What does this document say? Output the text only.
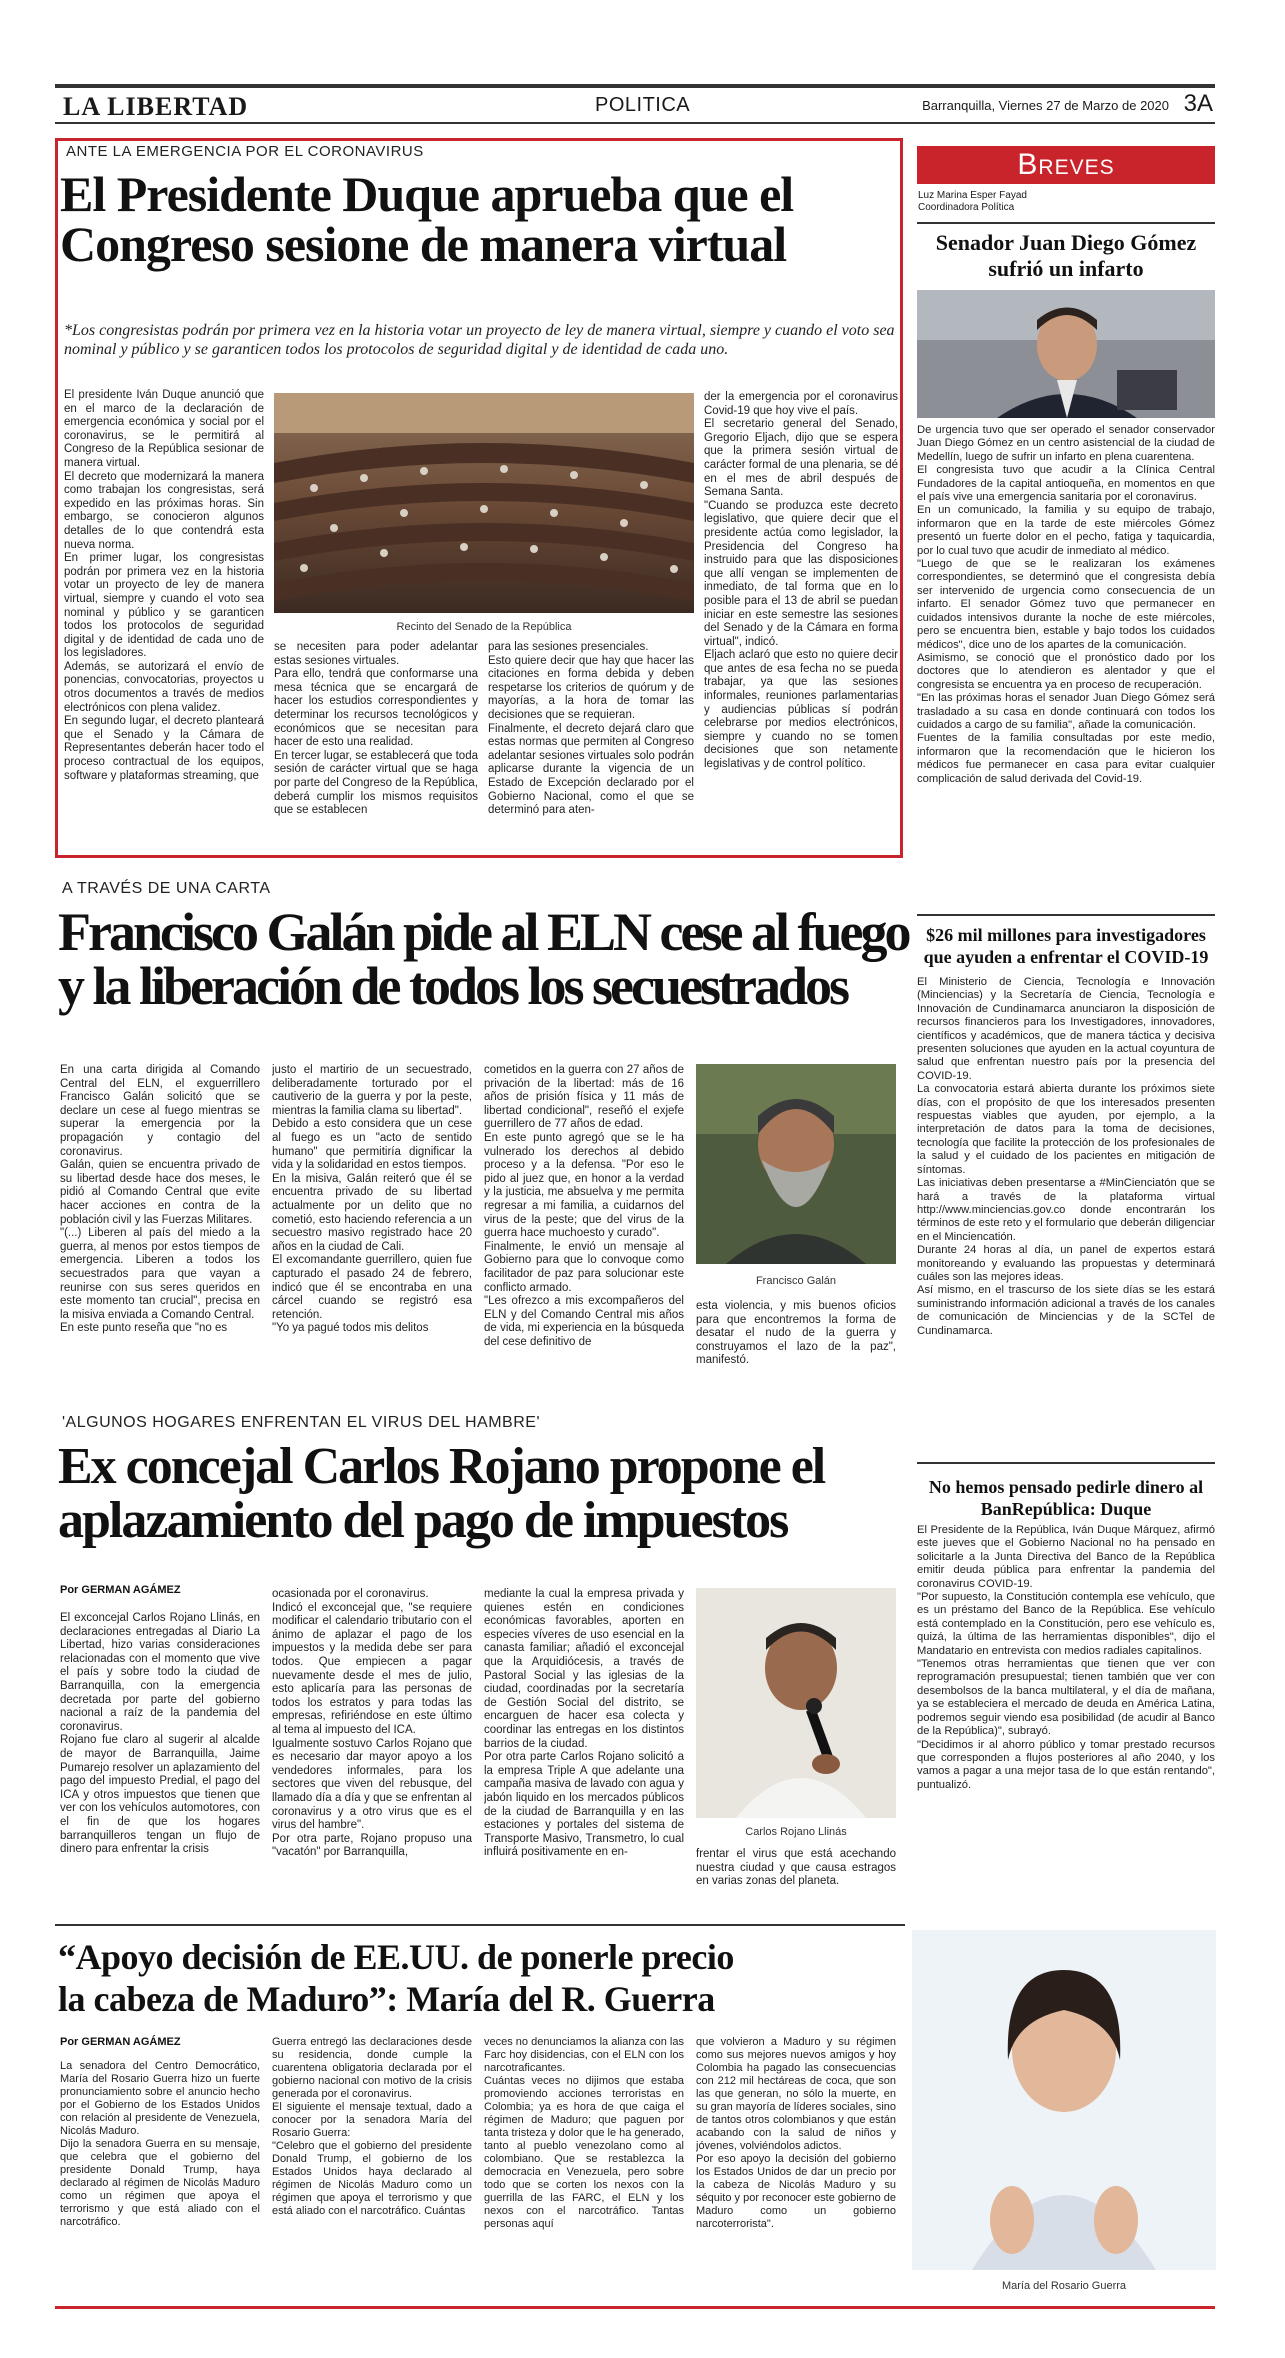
LA LIBERTAD	POLITICA	Barranquilla, Viernes 27 de Marzo de 2020 3A
ANTE LA EMERGENCIA POR EL CORONAVIRUS
El Presidente Duque aprueba que el
Congreso sesione de manera virtual
*Los congresistas podrán por primera vez en la historia votar un proyecto de ley de manera virtual, siempre y cuando el voto sea nominal y público y se garanticen todos los protocolos de seguridad digital y de identidad de cada uno.
El presidente Iván Duque anunció que en el marco de la declaración de emergencia económica y social por el coronavirus, se le permitirá al Congreso de la República sesionar de manera virtual.
El decreto que modernizará la manera como trabajan los congresistas, será expedido en las próximas horas. Sin embargo, se conocieron algunos detalles de lo que contendrá esta nueva norma.
En primer lugar, los congresistas podrán por primera vez en la historia votar un proyecto de ley de manera virtual, siempre y cuando el voto sea nominal y público y se garanticen todos los protocolos de seguridad digital y de identidad de cada uno de los legisladores.
Además, se autorizará el envío de ponencias, convocatorias, proyectos u otros documentos a través de medios electrónicos con plena validez.
En segundo lugar, el decreto planteará que el Senado y la Cámara de Representantes deberán hacer todo el proceso contractual de los equipos, software y plataformas streaming, que
Recinto del Senado de la República
se necesiten para poder adelantar estas sesiones virtuales.
Para ello, tendrá que conformarse una mesa técnica que se encargará de hacer los estudios correspondientes y determinar los recursos tecnológicos y económicos que se necesitan para hacer de esto una realidad.
En tercer lugar, se establecerá que toda sesión de carácter virtual que se haga por parte del Congreso de la República, deberá cumplir los mismos requisitos que se establecen
para las sesiones presenciales.
Esto quiere decir que hay que hacer las citaciones en forma debida y deben respetarse los criterios de quórum y de mayorías, a la hora de tomar las decisiones que se requieran.
Finalmente, el decreto dejará claro que estas normas que permiten al Congreso adelantar sesiones virtuales solo podrán aplicarse durante la vigencia de un Estado de Excepción declarado por el Gobierno Nacional, como el que se determinó para aten-
der la emergencia por el coronavirus Covid-19 que hoy vive el país.
El secretario general del Senado, Gregorio Eljach, dijo que se espera que la primera sesión virtual de carácter formal de una plenaria, se dé en el mes de abril después de Semana Santa.
"Cuando se produzca este decreto legislativo, que quiere decir que el presidente actúa como legislador, la Presidencia del Congreso ha instruido para que las disposiciones que allí vengan se implementen de inmediato, de tal forma que en lo posible para el 13 de abril se puedan iniciar en este semestre las sesiones del Senado y de la Cámara en forma virtual", indicó.
Eljach aclaró que esto no quiere decir que antes de esa fecha no se pueda trabajar, ya que las sesiones informales, reuniones parlamentarias y audiencias públicas sí podrán celebrarse por medios electrónicos, siempre y cuando no se tomen decisiones que son netamente legislativas y de control político.
Breves
Luz Marina Esper Fayad
Coordinadora Política
Senador Juan Diego Gómez sufrió un infarto
De urgencia tuvo que ser operado el senador conservador Juan Diego Gómez en un centro asistencial de la ciudad de Medellín, luego de sufrir un infarto en plena cuarentena.
El congresista tuvo que acudir a la Clínica Central Fundadores de la capital antioqueña, en momentos en que el país vive una emergencia sanitaria por el coronavirus.
En un comunicado, la familia y su equipo de trabajo, informaron que en la tarde de este miércoles Gómez presentó un fuerte dolor en el pecho, fatiga y taquicardia, por lo cual tuvo que acudir de inmediato al médico.
"Luego de que se le realizaran los exámenes correspondientes, se determinó que el congresista debía ser intervenido de urgencia como consecuencia de un infarto. El senador Gómez tuvo que permanecer en cuidados intensivos durante la noche de este miércoles, pero se encuentra bien, estable y bajo todos los cuidados médicos", dice uno de los apartes de la comunicación.
Asimismo, se conoció que el pronóstico dado por los doctores que lo atendieron es alentador y que el congresista se encuentra ya en proceso de recuperación.
"En las próximas horas el senador Juan Diego Gómez será trasladado a su casa en donde continuará con todos los cuidados a cargo de su familia", añade la comunicación.
Fuentes de la familia consultadas por este medio, informaron que la recomendación que le hicieron los médicos fue permanecer en casa para evitar cualquier complicación de salud derivada del Covid-19.
$26 mil millones para investigadores que ayuden a enfrentar el COVID-19
El Ministerio de Ciencia, Tecnología e Innovación (Minciencias) y la Secretaría de Ciencia, Tecnología e Innovación de Cundinamarca anunciaron la disposición de recursos financieros para los Investigadores, innovadores, científicos y académicos, que de manera táctica y decisiva presenten soluciones que ayuden en la actual coyuntura de salud que enfrentan nuestro país por la presencia del COVID-19.
La convocatoria estará abierta durante los próximos siete días, con el propósito de que los interesados presenten respuestas viables que ayuden, por ejemplo, a la interpretación de datos para la toma de decisiones, tecnología que facilite la protección de los profesionales de la salud y el cuidado de los pacientes en mitigación de síntomas.
Las iniciativas deben presentarse a #MinCienciatón que se hará a través de la plataforma virtual http://www.minciencias.gov.co donde encontrarán los términos de este reto y el formulario que deberán diligenciar en el Minciencatión.
Durante 24 horas al día, un panel de expertos estará monitoreando y evaluando las propuestas y determinará cuáles son las mejores ideas.
Así mismo, en el trascurso de los siete días se les estará suministrando información adicional a través de los canales de comunicación de Minciencias y de la SCTel de Cundinamarca.
No hemos pensado pedirle dinero al BanRepública: Duque
El Presidente de la República, Iván Duque Márquez, afirmó este jueves que el Gobierno Nacional no ha pensado en solicitarle a la Junta Directiva del Banco de la República emitir deuda pública para enfrentar la pandemia del coronavirus COVID-19.
"Por supuesto, la Constitución contempla ese vehículo, que es un préstamo del Banco de la República. Ese vehículo está contemplado en la Constitución, pero ese vehículo es, quizá, la última de las herramientas disponibles", dijo el Mandatario en entrevista con medios radiales capitalinos.
"Tenemos otras herramientas que tienen que ver con reprogramación presupuestal; tienen también que ver con desembolsos de la banca multilateral, y el día de mañana, ya se estableciera el mercado de deuda en América Latina, podremos seguir viendo esa posibilidad (de acudir al Banco de la República)", subrayó.
"Decidimos ir al ahorro público y tomar prestado recursos que corresponden a flujos posteriores al año 2040, y los vamos a pagar a una mejor tasa de lo que están rentando", puntualizó.
A TRAVÉS DE UNA CARTA
Francisco Galán pide al ELN cese al fuego
y la liberación de todos los secuestrados
En una carta dirigida al Comando Central del ELN, el exguerrillero Francisco Galán solicitó que se declare un cese al fuego mientras se superar la emergencia por la propagación y contagio del coronavirus.
Galán, quien se encuentra privado de su libertad desde hace dos meses, le pidió al Comando Central que evite hacer acciones en contra de la población civil y las Fuerzas Militares.
"(...) Liberen al país del miedo a la guerra, al menos por estos tiempos de emergencia. Liberen a todos los secuestrados para que vayan a reunirse con sus seres queridos en este momento tan crucial", precisa en la misiva enviada a Comando Central.
En este punto reseña que "no es
justo el martirio de un secuestrado, deliberadamente torturado por el cautiverio de la guerra y por la peste, mientras la familia clama su libertad".
Debido a esto considera que un cese al fuego es un "acto de sentido humano" que permitiría dignificar la vida y la solidaridad en estos tiempos.
En la misiva, Galán reiteró que él se encuentra privado de su libertad actualmente por un delito que no cometió, esto haciendo referencia a un secuestro masivo registrado hace 20 años en la ciudad de Cali.
El excomandante guerrillero, quien fue capturado el pasado 24 de febrero, indicó que él se encontraba en una cárcel cuando se registró esa retención.
"Yo ya pagué todos mis delitos
cometidos en la guerra con 27 años de privación de la libertad: más de 16 años de prisión física y 11 más de libertad condicional", reseñó el exjefe guerrillero de 77 años de edad.
En este punto agregó que se le ha vulnerado los derechos al debido proceso y a la defensa. "Por eso le pido al juez que, en honor a la verdad y la justicia, me absuelva y me permita regresar a mi familia, a cuidarnos del virus de la peste; que del virus de la guerra hace muchoesto y curado".
Finalmente, le envió un mensaje al Gobierno para que lo convoque como facilitador de paz para solucionar este conflicto armado.
"Les ofrezco a mis excompañeros del ELN y del Comando Central mis años de vida, mi experiencia en la búsqueda del cese definitivo de
Francisco Galán
esta violencia, y mis buenos oficios para que encontremos la forma de desatar el nudo de la guerra y construyamos el lazo de la paz", manifestó.
'ALGUNOS HOGARES ENFRENTAN EL VIRUS DEL HAMBRE'
Ex concejal Carlos Rojano propone el
aplazamiento del pago de impuestos
Por GERMAN AGÁMEZ
El exconcejal Carlos Rojano Llinás, en declaraciones entregadas al Diario La Libertad, hizo varias consideraciones relacionadas con el momento que vive el país y sobre todo la ciudad de Barranquilla, con la emergencia decretada por parte del gobierno nacional a raíz de la pandemia del coronavirus.
Rojano fue claro al sugerir al alcalde de mayor de Barranquilla, Jaime Pumarejo resolver un aplazamiento del pago del impuesto Predial, el pago del ICA y otros impuestos que tienen que ver con los vehículos automotores, con el fin de que los hogares barranquilleros tengan un flujo de dinero para enfrentar la crisis
ocasionada por el coronavirus.
Indicó el exconcejal que, "se requiere modificar el calendario tributario con el ánimo de aplazar el pago de los impuestos y la medida debe ser para todos. Que empiecen a pagar nuevamente desde el mes de julio, esto aplicaría para las personas de todos los estratos y para todas las empresas, refiriéndose en este último al tema al impuesto del ICA.
Igualmente sostuvo Carlos Rojano que es necesario dar mayor apoyo a los vendedores informales, para los sectores que viven del rebusque, del llamado día a día y que se enfrentan al coronavirus y a otro virus que es el virus del hambre".
Por otra parte, Rojano propuso una "vacatón" por Barranquilla,
mediante la cual la empresa privada y quienes estén en condiciones económicas favorables, aporten en especies víveres de uso esencial en la canasta familiar; añadió el exconcejal que la Arquidiócesis, a través de Pastoral Social y las iglesias de la ciudad, coordinadas por la secretaría de Gestión Social del distrito, se encarguen de hacer esa colecta y coordinar las entregas en los distintos barrios de la ciudad.
Por otra parte Carlos Rojano solicitó a la empresa Triple A que adelante una campaña masiva de lavado con agua y jabón liquido en los mercados públicos de la ciudad de Barranquilla y en las estaciones y portales del sistema de Transporte Masivo, Transmetro, lo cual influirá positivamente en en-
Carlos Rojano Llinás
frentar el virus que está acechando nuestra ciudad y que causa estragos en varias zonas del planeta.
“Apoyo decisión de EE.UU. de ponerle precio
la cabeza de Maduro”: María del R. Guerra
Por GERMAN AGÁMEZ
La senadora del Centro Democrático, María del Rosario Guerra hizo un fuerte pronunciamiento sobre el anuncio hecho por el Gobierno de los Estados Unidos con relación al presidente de Venezuela, Nicolás Maduro.
Dijo la senadora Guerra en su mensaje, que celebra que el gobierno del presidente Donald Trump, haya declarado al régimen de Nicolás Maduro como un régimen que apoya el terrorismo y que está aliado con el narcotráfico.
Guerra entregó las declaraciones desde su residencia, donde cumple la cuarentena obligatoria declarada por el gobierno nacional con motivo de la crisis generada por el coronavirus.
El siguiente el mensaje textual, dado a conocer por la senadora María del Rosario Guerra:
"Celebro que el gobierno del presidente Donald Trump, el gobierno de los Estados Unidos haya declarado al régimen de Nicolás Maduro como un régimen que apoya el terrorismo y que está aliado con el narcotráfico. Cuántas
veces no denunciamos la alianza con las Farc hoy disidencias, con el ELN con los narcotraficantes.
Cuántas veces no dijimos que estaba promoviendo acciones terroristas en Colombia; ya es hora de que caiga el régimen de Maduro; que paguen por tanta tristeza y dolor que le ha generado, tanto al pueblo venezolano como al colombiano. Que se restablezca la democracia en Venezuela, pero sobre todo que se corten los nexos con la guerrilla de las FARC, el ELN y los nexos con el narcotráfico. Tantas personas aquí
que volvieron a Maduro y su régimen como sus mejores nuevos amigos y hoy Colombia ha pagado las consecuencias con 212 mil hectáreas de coca, que son las que generan, no sólo la muerte, en su gran mayoría de líderes sociales, sino de tantos otros colombianos y que están acabando con la salud de niños y jóvenes, volviéndolos adictos.
Por eso apoyo la decisión del gobierno los Estados Unidos de dar un precio por la cabeza de Nicolás Maduro y su séquito y por reconocer este gobierno de Maduro como un gobierno narcoterrorista".
María del Rosario Guerra
